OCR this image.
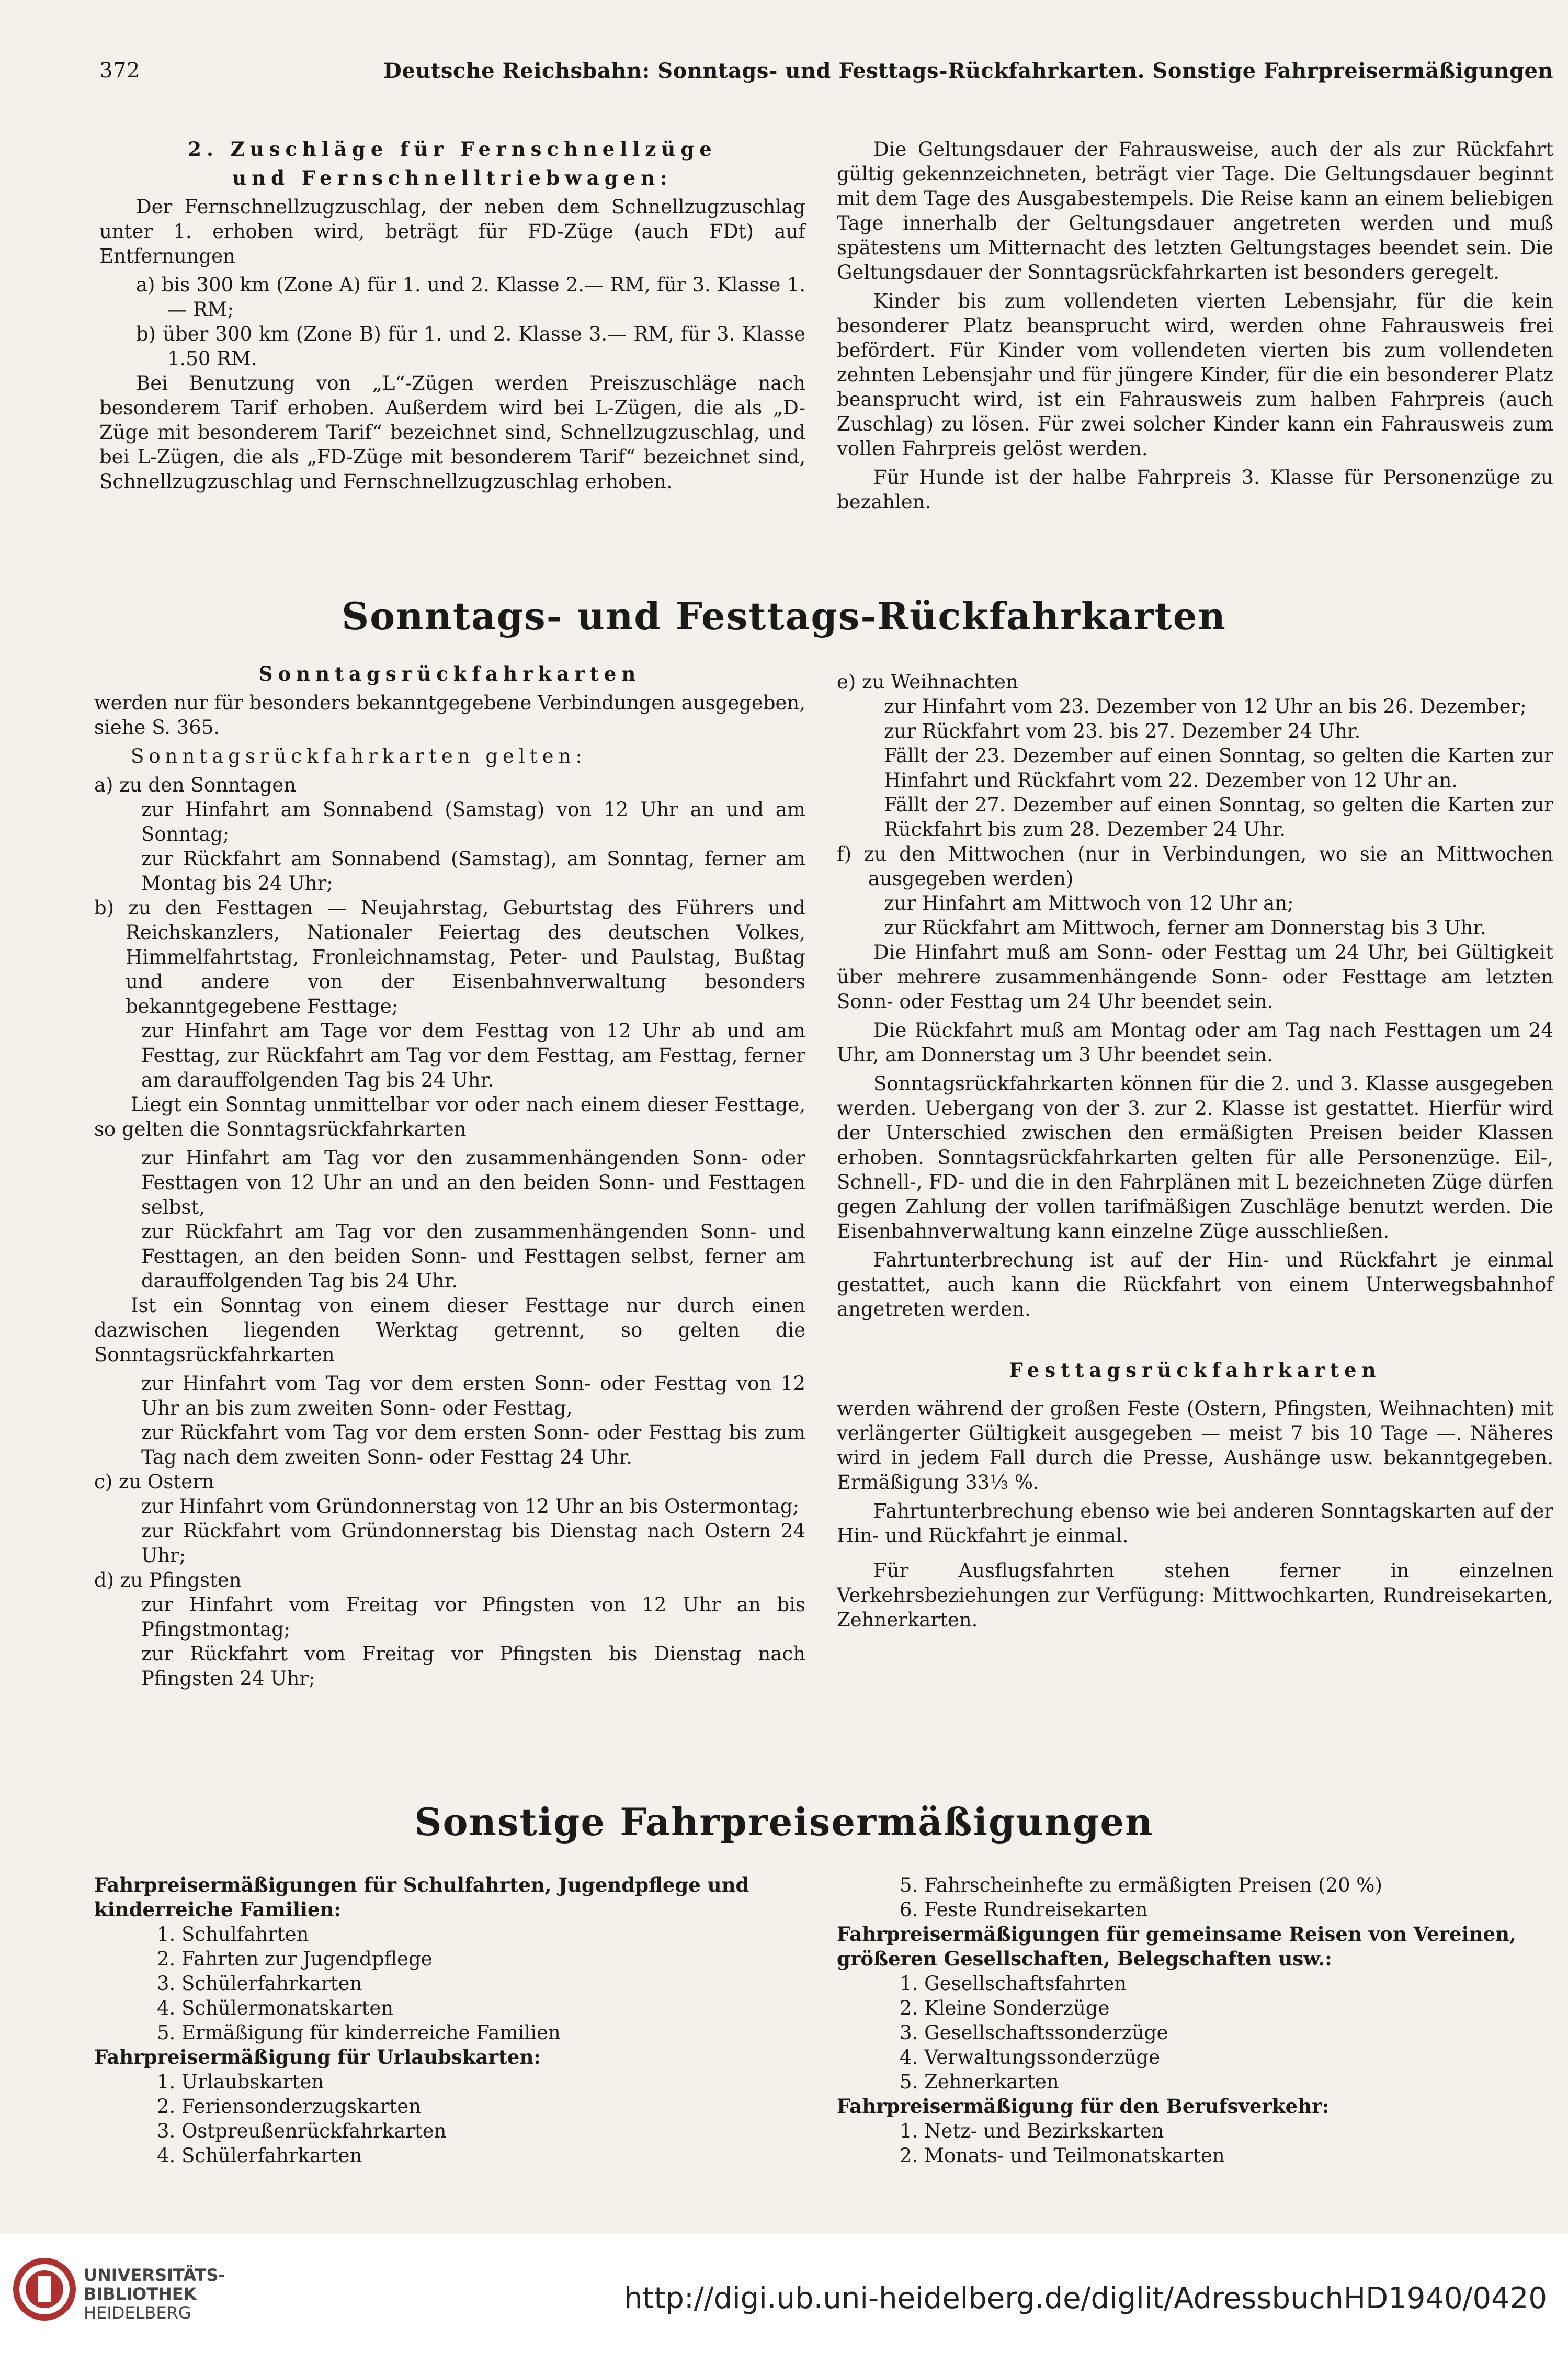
372	Deutsche Reichsbahn: Sonntags- und Festtags-Rückfahrkarten. Sonstige Fahrpreisermäßigungen

2. Zuschläge für Fernschnellzüge

und Fernschnelltriebwagen:

Der Fernschnellzugzuschlag, der neben dem Schnellzugzuschlag unter 1. erhoben wird, beträgt für FD-Züge (auch FDt) auf Entfernungen

a) bis 300 km (Zone A) für 1. und 2. Klasse 2.— RM, für 3. Klasse 1.— RM;

b) über 300 km (Zone B) für 1. und 2. Klasse 3.— RM, für 3. Klasse 1.50 RM.

Bei Benutzung von „L“-Zügen werden Preiszuschläge nach besonderem Tarif erhoben. Außerdem wird bei L-Zügen, die als „D-Züge mit besonderem Tarif“ bezeichnet sind, Schnellzugzuschlag, und bei L-Zügen, die als „FD-Züge mit besonderem Tarif“ bezeichnet sind, Schnellzugzuschlag und Fernschnellzugzuschlag erhoben.

Die Geltungsdauer der Fahrausweise, auch der als zur Rückfahrt gültig gekennzeichneten, beträgt vier Tage. Die Geltungsdauer beginnt mit dem Tage des Ausgabestempels. Die Reise kann an einem beliebigen Tage innerhalb der Geltungsdauer angetreten werden und muß spätestens um Mitternacht des letzten Geltungstages beendet sein. Die Geltungsdauer der Sonntagsrückfahrkarten ist besonders geregelt.

Kinder bis zum vollendeten vierten Lebensjahr, für die kein besonderer Platz beansprucht wird, werden ohne Fahrausweis frei befördert. Für Kinder vom vollendeten vierten bis zum vollendeten zehnten Lebensjahr und für jüngere Kinder, für die ein besonderer Platz beansprucht wird, ist ein Fahrausweis zum halben Fahrpreis (auch Zuschlag) zu lösen. Für zwei solcher Kinder kann ein Fahrausweis zum vollen Fahrpreis gelöst werden.

Für Hunde ist der halbe Fahrpreis 3. Klasse für Personenzüge zu bezahlen.

Sonntags- und Festtags-Rückfahrkarten

Sonntagsrückfahrkarten

werden nur für besonders bekanntgegebene Verbindungen ausgegeben, siehe S. 365.

Sonntagsrückfahrkarten gelten:

a) zu den Sonntagen

zur Hinfahrt am Sonnabend (Samstag) von 12 Uhr an und am Sonntag;

zur Rückfahrt am Sonnabend (Samstag), am Sonntag, ferner am Montag bis 24 Uhr;

b) zu den Festtagen — Neujahrstag, Geburtstag des Führers und Reichskanzlers, Nationaler Feiertag des deutschen Volkes, Himmelfahrtstag, Fronleichnamstag, Peter- und Paulstag, Bußtag und andere von der Eisenbahnverwaltung besonders bekanntgegebene Festtage;

zur Hinfahrt am Tage vor dem Festtag von 12 Uhr ab und am Festtag, zur Rückfahrt am Tag vor dem Festtag, am Festtag, ferner am darauffolgenden Tag bis 24 Uhr.

Liegt ein Sonntag unmittelbar vor oder nach einem dieser Festtage, so gelten die Sonntagsrückfahrkarten

zur Hinfahrt am Tag vor den zusammenhängenden Sonn- oder Festtagen von 12 Uhr an und an den beiden Sonn- und Festtagen selbst,

zur Rückfahrt am Tag vor den zusammenhängenden Sonn- und Festtagen, an den beiden Sonn- und Festtagen selbst, ferner am darauffolgenden Tag bis 24 Uhr.

Ist ein Sonntag von einem dieser Festtage nur durch einen dazwischen liegenden Werktag getrennt, so gelten die Sonntagsrückfahrkarten

zur Hinfahrt vom Tag vor dem ersten Sonn- oder Festtag von 12 Uhr an bis zum zweiten Sonn- oder Festtag,

zur Rückfahrt vom Tag vor dem ersten Sonn- oder Festtag bis zum Tag nach dem zweiten Sonn- oder Festtag 24 Uhr.

c) zu Ostern

zur Hinfahrt vom Gründonnerstag von 12 Uhr an bis Ostermontag;

zur Rückfahrt vom Gründonnerstag bis Dienstag nach Ostern 24 Uhr;

d) zu Pfingsten

zur Hinfahrt vom Freitag vor Pfingsten von 12 Uhr an bis Pfingstmontag;

zur Rückfahrt vom Freitag vor Pfingsten bis Dienstag nach Pfingsten 24 Uhr;

e) zu Weihnachten

zur Hinfahrt vom 23. Dezember von 12 Uhr an bis 26. Dezember;

zur Rückfahrt vom 23. bis 27. Dezember 24 Uhr.

Fällt der 23. Dezember auf einen Sonntag, so gelten die Karten zur Hinfahrt und Rückfahrt vom 22. Dezember von 12 Uhr an.

Fällt der 27. Dezember auf einen Sonntag, so gelten die Karten zur Rückfahrt bis zum 28. Dezember 24 Uhr.

f) zu den Mittwochen (nur in Verbindungen, wo sie an Mittwochen ausgegeben werden)

zur Hinfahrt am Mittwoch von 12 Uhr an;

zur Rückfahrt am Mittwoch, ferner am Donnerstag bis 3 Uhr.

Die Hinfahrt muß am Sonn- oder Festtag um 24 Uhr, bei Gültigkeit über mehrere zusammenhängende Sonn- oder Festtage am letzten Sonn- oder Festtag um 24 Uhr beendet sein.

Die Rückfahrt muß am Montag oder am Tag nach Festtagen um 24 Uhr, am Donnerstag um 3 Uhr beendet sein.

Sonntagsrückfahrkarten können für die 2. und 3. Klasse ausgegeben werden. Uebergang von der 3. zur 2. Klasse ist gestattet. Hierfür wird der Unterschied zwischen den ermäßigten Preisen beider Klassen erhoben. Sonntagsrückfahrkarten gelten für alle Personenzüge. Eil-, Schnell-, FD- und die in den Fahrplänen mit L bezeichneten Züge dürfen gegen Zahlung der vollen tarifmäßigen Zuschläge benutzt werden. Die Eisenbahnverwaltung kann einzelne Züge ausschließen.

Fahrtunterbrechung ist auf der Hin- und Rückfahrt je einmal gestattet, auch kann die Rückfahrt von einem Unterwegsbahnhof angetreten werden.

Festtagsrückfahrkarten

werden während der großen Feste (Ostern, Pfingsten, Weihnachten) mit verlängerter Gültigkeit ausgegeben — meist 7 bis 10 Tage —. Näheres wird in jedem Fall durch die Presse, Aushänge usw. bekanntgegeben. Ermäßigung 33⅓ %.

Fahrtunterbrechung ebenso wie bei anderen Sonntagskarten auf der Hin- und Rückfahrt je einmal.

Für Ausflugsfahrten stehen ferner in einzelnen Verkehrsbeziehungen zur Verfügung: Mittwochkarten, Rundreisekarten, Zehnerkarten.

Sonstige Fahrpreisermäßigungen

Fahrpreisermäßigungen für Schulfahrten, Jugendpflege und kinderreiche Familien:

1. Schulfahrten
2. Fahrten zur Jugendpflege
3. Schülerfahrkarten
4. Schülermonatskarten
5. Ermäßigung für kinderreiche Familien

Fahrpreisermäßigung für Urlaubskarten:

1. Urlaubskarten
2. Feriensonderzugskarten
3. Ostpreußenrückfahrkarten
4. Schülerfahrkarten
5. Fahrscheinhefte zu ermäßigten Preisen (20 %)
6. Feste Rundreisekarten

Fahrpreisermäßigungen für gemeinsame Reisen von Vereinen, größeren Gesellschaften, Belegschaften usw.:

1. Gesellschaftsfahrten
2. Kleine Sonderzüge
3. Gesellschaftssonderzüge
4. Verwaltungssonderzüge
5. Zehnerkarten

Fahrpreisermäßigung für den Berufsverkehr:

1. Netz- und Bezirkskarten
2. Monats- und Teilmonatskarten
UNIVERSITÄTS-
BIBLIOTHEK
HEIDELBERG	http://digi.ub.uni-heidelberg.de/diglit/AdressbuchHD1940/0420
